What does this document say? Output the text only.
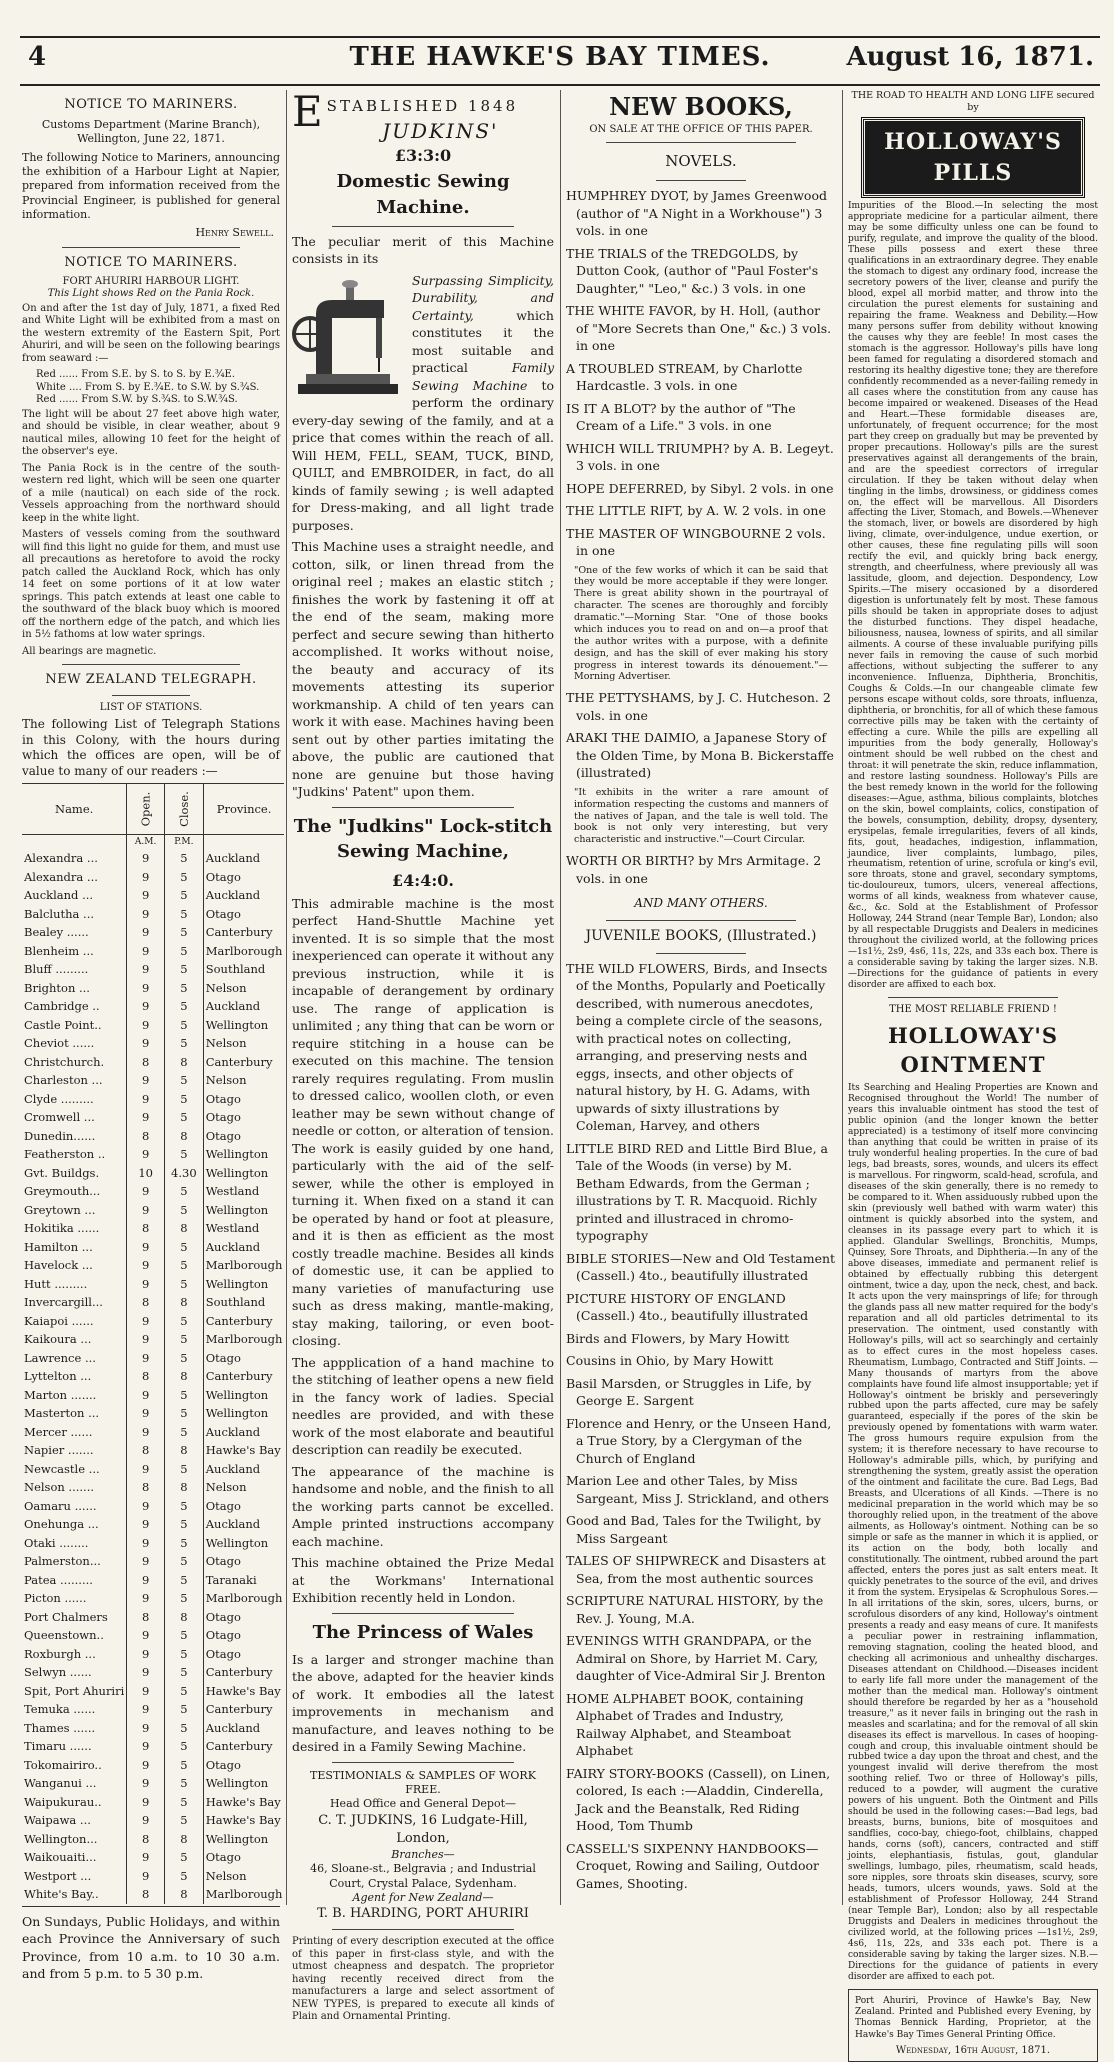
4	THE HAWKE'S BAY TIMES.	August 16, 1871.
NOTICE TO MARINERS.

Customs Department (Marine Branch), Wellington, June 22, 1871.

The following Notice to Mariners, announcing the exhibition of a Harbour Light at Napier, prepared from information received from the Provincial Engineer, is published for general information.

Henry Sewell.
NOTICE TO MARINERS.
FORT AHURIRI HARBOUR LIGHT.
This Light shows Red on the Pania Rock.

On and after the 1st day of July, 1871, a fixed Red and White Light will be exhibited from a mast on the western extremity of the Eastern Spit, Port Ahuriri, and will be seen on the following bearings from seaward :—

Red ...... From S.E. by S. to S. by E.¾E.
White .... From S. by E.¾E. to S.W. by S.¾S.
Red ...... From S.W. by S.¾S. to S.W.¾S.

The light will be about 27 feet above high water, and should be visible, in clear weather, about 9 nautical miles, allowing 10 feet for the height of the observer's eye.

The Pania Rock is in the centre of the south-western red light, which will be seen one quarter of a mile (nautical) on each side of the rock. Vessels approaching from the northward should keep in the white light.

Masters of vessels coming from the southward will find this light no guide for them, and must use all precautions as heretofore to avoid the rocky patch called the Auckland Rock, which has only 14 feet on some portions of it at low water springs. This patch extends at least one cable to the southward of the black buoy which is moored off the northern edge of the patch, and which lies in 5½ fathoms at low water springs.

All bearings are magnetic.

NEW ZEALAND TELEGRAPH.
LIST OF STATIONS.

The following List of Telegraph Stations in this Colony, with the hours during which the offices are open, will be of value to many of our readers :—

Name.	Open.	Close.	Province.
	A.M.	P.M.	
Alexandra ...	9	5	Auckland
Alexandra ...	9	5	Otago
Auckland ...	9	5	Auckland
Balclutha ...	9	5	Otago
Bealey ......	9	5	Canterbury
Blenheim ...	9	5	Marlborough
Bluff .........	9	5	Southland
Brighton ...	9	5	Nelson
Cambridge ..	9	5	Auckland
Castle Point..	9	5	Wellington
Cheviot ......	9	5	Nelson
Christchurch.	8	8	Canterbury
Charleston ...	9	5	Nelson
Clyde .........	9	5	Otago
Cromwell ...	9	5	Otago
Dunedin......	8	8	Otago
Featherston ..	9	5	Wellington
Gvt. Buildgs.	10	4.30	Wellington
Greymouth...	9	5	Westland
Greytown ...	9	5	Wellington
Hokitika ......	8	8	Westland
Hamilton ...	9	5	Auckland
Havelock ...	9	5	Marlborough
Hutt .........	9	5	Wellington
Invercargill...	8	8	Southland
Kaiapoi ......	9	5	Canterbury
Kaikoura ...	9	5	Marlborough
Lawrence ...	9	5	Otago
Lyttelton ...	8	8	Canterbury
Marton .......	9	5	Wellington
Masterton ...	9	5	Wellington
Mercer ......	9	5	Auckland
Napier .......	8	8	Hawke's Bay
Newcastle ...	9	5	Auckland
Nelson .......	8	8	Nelson
Oamaru ......	9	5	Otago
Onehunga ...	9	5	Auckland
Otaki ........	9	5	Wellington
Palmerston...	9	5	Otago
Patea .........	9	5	Taranaki
Picton ......	9	5	Marlborough
Port Chalmers	8	8	Otago
Queenstown..	9	5	Otago
Roxburgh ...	9	5	Otago
Selwyn ......	9	5	Canterbury
Spit, Port Ahuriri	9	5	Hawke's Bay
Temuka ......	9	5	Canterbury
Thames ......	9	5	Auckland
Timaru ......	9	5	Canterbury
Tokomairiro..	9	5	Otago
Wanganui ...	9	5	Wellington
Waipukurau..	9	5	Hawke's Bay
Waipawa ...	9	5	Hawke's Bay
Wellington...	8	8	Wellington
Waikouaiti...	9	5	Otago
Westport ...	9	5	Nelson
White's Bay..	8	8	Marlborough

On Sundays, Public Holidays, and within each Province the Anniversary of such Province, from 10 a.m. to 10 30 a.m. and from 5 p.m. to 5 30 p.m.

E STABLISHED 1848
JUDKINS'
£3:3:0
Domestic Sewing Machine.

The peculiar merit of this Machine consists in its

Surpassing Simplicity, Durability, and Certainty,	which constitutes it the most suitable and practical	Family Sewing Machine to perform the ordinary every-day sewing of the family, and at a price that comes within the reach of all. Will HEM, FELL, SEAM, TUCK, BIND, QUILT, and EMBROIDER, in fact, do all kinds of family sewing ; is well adapted for Dress-making, and all light trade purposes.

This Machine uses a straight needle, and cotton, silk, or linen thread from the original reel ; makes an elastic stitch ; finishes the work by fastening it off at the end of the seam, making more perfect and secure sewing than hitherto accomplished. It works without noise, the beauty and accuracy of its movements attesting its superior workmanship. A child of ten years can work it with ease. Machines having been sent out by other parties imitating the above, the public are cautioned that none are genuine but those having "Judkins' Patent" upon them.

The "Judkins" Lock-stitch Sewing Machine,
£4:4:0.

This admirable machine is the most perfect Hand-Shuttle Machine yet invented. It is so simple that the most inexperienced can operate it without any previous instruction, while it is incapable of derangement by ordinary use. The range of application is unlimited ; any thing that can be worn or require stitching in a house can be executed on this machine. The tension rarely requires regulating. From muslin to dressed calico, woollen cloth, or even leather may be sewn without change of needle or cotton, or alteration of tension. The work is easily guided by one hand, particularly with the aid of the self-sewer, while the other is employed in turning it. When fixed on a stand it can be operated by hand or foot at pleasure, and it is then as efficient as the most costly treadle machine. Besides all kinds of domestic use, it can be applied to many varieties of manufacturing use such as dress making, mantle-making, stay making, tailoring, or even boot-closing.

The appplication of a hand machine to the stitching of leather opens a new field in the fancy work of ladies. Special needles are provided, and with these work of the most elaborate and beautiful description can readily be executed.

The appearance of the machine is handsome and noble, and the finish to all the working parts cannot be excelled. Ample printed instructions accompany each machine.

This machine obtained the Prize Medal at the Workmans' International Exhibition recently held in London.

The Princess of Wales

Is a larger and stronger machine than the above, adapted for the heavier kinds of work. It embodies all the latest improvements in mechanism and manufacture, and leaves nothing to be desired in a Family Sewing Machine.

TESTIMONIALS & SAMPLES OF WORK FREE.
Head Office and General Depot—
C. T. JUDKINS, 16 Ludgate-Hill, London,
Branches—
46, Sloane-st., Belgravia ; and Industrial Court, Crystal Palace, Sydenham.
Agent for New Zealand—
T. B. HARDING, PORT AHURIRI

Printing of every description executed at the office of this paper in first-class style, and with the utmost cheapness and despatch. The proprietor having recently received direct from the manufacturers a large and select assortment of NEW TYPES, is prepared to execute all kinds of Plain and Ornamental Printing.

NEW BOOKS,
ON SALE AT THE OFFICE OF THIS PAPER.
NOVELS.
HUMPHREY DYOT, by James Greenwood (author of "A Night in a Workhouse") 3 vols. in one
THE TRIALS of the TREDGOLDS, by Dutton Cook, (author of "Paul Foster's Daughter," "Leo," &c.) 3 vols. in one
THE WHITE FAVOR, by H. Holl, (author of "More Secrets than One," &c.) 3 vols. in one
A TROUBLED STREAM, by Charlotte Hardcastle. 3 vols. in one
IS IT A BLOT? by the author of "The Cream of a Life." 3 vols. in one
WHICH WILL TRIUMPH? by A. B. Legeyt. 3 vols. in one
HOPE DEFERRED, by Sibyl. 2 vols. in one
THE LITTLE RIFT, by A. W. 2 vols. in one
THE MASTER OF WINGBOURNE 2 vols. in one
"One of the few works of which it can be said that they would be more acceptable if they were longer. There is great ability shown in the pourtrayal of character. The scenes are thoroughly and forcibly dramatic."—Morning Star. "One of those books which induces you to read on and on—a proof that the author writes with a purpose, with a definite design, and has the skill of ever making his story progress in interest towards its dénouement."—Morning Advertiser.
THE PETTYSHAMS, by J. C. Hutcheson. 2 vols. in one
ARAKI THE DAIMIO, a Japanese Story of the Olden Time, by Mona B. Bickerstaffe (illustrated)
"It exhibits in the writer a rare amount of information respecting the customs and manners of the natives of Japan, and the tale is well told. The book is not only very interesting, but very characteristic and instructive."—Court Circular.
WORTH OR BIRTH? by Mrs Armitage. 2 vols. in one
AND MANY OTHERS.
JUVENILE BOOKS, (Illustrated.)
THE WILD FLOWERS, Birds, and Insects of the Months, Popularly and Poetically described, with numerous anecdotes, being a complete circle of the seasons, with practical notes on collecting, arranging, and preserving nests and eggs, insects, and other objects of natural history, by H. G. Adams, with upwards of sixty illustrations by Coleman, Harvey, and others
LITTLE BIRD RED and Little Bird Blue, a Tale of the Woods (in verse) by M. Betham Edwards, from the German ; illustrations by T. R. Macquoid. Richly printed and illustraced in chromo-typography
BIBLE STORIES—New and Old Testament (Cassell.) 4to., beautifully illustrated
PICTURE HISTORY OF ENGLAND (Cassell.) 4to., beautifully illustrated
Birds and Flowers, by Mary Howitt
Cousins in Ohio, by Mary Howitt
Basil Marsden, or Struggles in Life, by George E. Sargent
Florence and Henry, or the Unseen Hand, a True Story, by a Clergyman of the Church of England
Marion Lee and other Tales, by Miss Sargeant, Miss J. Strickland, and others
Good and Bad, Tales for the Twilight, by Miss Sargeant
TALES OF SHIPWRECK and Disasters at Sea, from the most authentic sources
SCRIPTURE NATURAL HISTORY, by the Rev. J. Young, M.A.
EVENINGS WITH GRANDPAPA, or the Admiral on Shore, by Harriet M. Cary, daughter of Vice-Admiral Sir J. Brenton
HOME ALPHABET BOOK, containing Alphabet of Trades and Industry, Railway Alphabet, and Steamboat Alphabet
FAIRY STORY-BOOKS (Cassell), on Linen, colored, Is each :—Aladdin, Cinderella, Jack and the Beanstalk, Red Riding Hood, Tom Thumb
CASSELL'S SIXPENNY HANDBOOKS—Croquet, Rowing and Sailing, Outdoor Games, Shooting.
THE ROAD TO HEALTH AND LONG LIFE secured by
HOLLOWAY'S PILLS

Impurities of the Blood.—In selecting the most appropriate medicine for a particular ailment, there may be some difficulty unless one can be found to purify, regulate, and improve the quality of the blood. These pills possess and exert these three qualifications in an extraordinary degree. They enable the stomach to digest any ordinary food, increase the secretory powers of the liver, cleanse and purify the blood, expel all morbid matter, and throw into the circulation the purest elements for sustaining and repairing the frame. Weakness and Debility.—How many persons suffer from debility without knowing the causes why they are feeble! In most cases the stomach is the aggressor. Holloway's pills have long been famed for regulating a disordered stomach and restoring its healthy digestive tone; they are therefore confidently recommended as a never-failing remedy in all cases where the constitution from any cause has become impaired or weakened. Diseases of the Head and Heart.—These formidable diseases are, unfortunately, of frequent occurrence; for the most part they creep on gradually but may be prevented by proper precautions. Holloway's pills are the surest preservatives against all derangements of the brain, and are the speediest correctors of irregular circulation. If they be taken without delay when tingling in the limbs, drowsiness, or giddiness comes on, the effect will be marvellous. All Disorders affecting the Liver, Stomach, and Bowels.—Whenever the stomach, liver, or bowels are disordered by high living, climate, over-indulgence, undue exertion, or other causes, these fine regulating pills will soon rectify the evil, and quickly bring back energy, strength, and cheerfulness, where previously all was lassitude, gloom, and dejection. Despondency, Low Spirits.—The misery occasioned by a disordered digestion is unfortunately felt by most. These famous pills should be taken in appropriate doses to adjust the disturbed functions. They dispel headache, biliousness, nausea, lowness of spirits, and all similar ailments. A course of these invaluable purifying pills never fails in removing the cause of such morbid affections, without subjecting the sufferer to any inconvenience. Influenza, Diphtheria, Bronchitis, Coughs & Colds.—In our changeable climate few persons escape without colds, sore throats, influenza, diphtheria, or bronchitis, for all of which these famous corrective pills may be taken with the certainty of effecting a cure. While the pills are expelling all impurities from the body generally, Holloway's ointment should be well rubbed on the chest and throat: it will penetrate the skin, reduce inflammation, and restore lasting soundness. Holloway's Pills are the best remedy known in the world for the following diseases:—Ague, asthma, bilious complaints, blotches on the skin, bowel complaints, colics, constipation of the bowels, consumption, debility, dropsy, dysentery, erysipelas, female irregularities, fevers of all kinds, fits, gout, headaches, indigestion, inflammation, jaundice, liver complaints, lumbago, piles, rheumatism, retention of urine, scrofula or king's evil, sore throats, stone and gravel, secondary symptoms, tic-douloureux, tumors, ulcers, venereal affections, worms of all kinds, weakness from whatever cause, &c., &c. Sold at the Establishment of Professor Holloway, 244 Strand (near Temple Bar), London; also by all respectable Druggists and Dealers in medicines throughout the civilized world, at the following prices —1s1½, 2s9, 4s6, 11s, 22s, and 33s each box. There is a considerable saving by taking the larger sizes. N.B.—Directions for the guidance of patients in every disorder are affixed to each box.

THE MOST RELIABLE FRIEND !
HOLLOWAY'S OINTMENT

Its Searching and Healing Properties are Known and Recognised throughout the World! The number of years this invaluable ointment has stood the test of public opinion (and the longer known the better appreciated) is a testimony of itself more convincing than anything that could be written in praise of its truly wonderful healing properties. In the cure of bad legs, bad breasts, sores, wounds, and ulcers its effect is marvellous. For ringworm, scald-head, scrofula, and diseases of the skin generally, there is no remedy to be compared to it. When assiduously rubbed upon the skin (previously well bathed with warm water) this ointment is quickly absorbed into the system, and cleanses in its passage every part to which it is applied. Glandular Swellings, Bronchitis, Mumps, Quinsey, Sore Throats, and Diphtheria.—In any of the above diseases, immediate and permanent relief is obtained by effectually rubbing this detergent ointment, twice a day, upon the neck, chest, and back. It acts upon the very mainsprings of life; for through the glands pass all new matter required for the body's reparation and all old particles detrimental to its preservation. The ointment, used constantly with Holloway's pills, will act so searchingly and certainly as to effect cures in the most hopeless cases. Rheumatism, Lumbago, Contracted and Stiff Joints. —Many thousands of martyrs from the above complaints have found life almost insupportable; yet if Holloway's ointment be briskly and perseveringly rubbed upon the parts affected, cure may be safely guaranteed, especially if the pores of the skin be previously opened by fomentations with warm water. The gross humours require expulsion from the system; it is therefore necessary to have recourse to Holloway's admirable pills, which, by purifying and strengthening the system, greatly assist the operation of the ointment and facilitate the cure. Bad Legs, Bad Breasts, and Ulcerations of all Kinds. —There is no medicinal preparation in the world which may be so thoroughly relied upon, in the treatment of the above ailments, as Holloway's ointment. Nothing can be so simple or safe as the manner in which it is applied, or its action on the body, both locally and constitutionally. The ointment, rubbed around the part affected, enters the pores just as salt enters meat. It quickly penetrates to the source of the evil, and drives it from the system. Erysipelas & Scrophulous Sores.—In all irritations of the skin, sores, ulcers, burns, or scrofulous disorders of any kind, Holloway's ointment presents a ready and easy means of cure. It manifests a peculiar power in restraining inflammation, removing stagnation, cooling the heated blood, and checking all acrimonious and unhealthy discharges. Diseases attendant on Childhood.—Diseases incident to early life fall more under the management of the mother than the medical man. Holloway's ointment should therefore be regarded by her as a "household treasure," as it never fails in bringing out the rash in measles and scarlatina; and for the removal of all skin diseases its effect is marvellous. In cases of hooping-cough and croup, this invaluable ointment should be rubbed twice a day upon the throat and chest, and the youngest invalid will derive therefrom the most soothing relief. Two or three of Holloway's pills, reduced to a powder, will augment the curative powers of his unguent. Both the Ointment and Pills should be used in the following cases:—Bad legs, bad breasts, burns, bunions, bite of mosquitoes and sandflies, coco-bay, chiego-foot, chilblains, chapped hands, corns (soft), cancers, contracted and stiff joints, elephantiasis, fistulas, gout, glandular swellings, lumbago, piles, rheumatism, scald heads, sore nipples, sore throats skin diseases, scurvy, sore heads, tumors, ulcers wounds, yaws. Sold at the establishment of Professor Holloway, 244 Strand (near Temple Bar), London; also by all respectable Druggists and Dealers in medicines throughout the civilized world, at the following prices —1s1½, 2s9, 4s6, 11s, 22s, and 33s each pot. There is a considerable saving by taking the larger sizes. N.B.—Directions for the guidance of patients in every disorder are affixed to each pot.

Port Ahuriri, Province of Hawke's Bay, New Zealand. Printed and Published every Evening, by Thomas Bennick Harding, Proprietor, at the Hawke's Bay Times General Printing Office.

Wednesday, 16th August, 1871.
